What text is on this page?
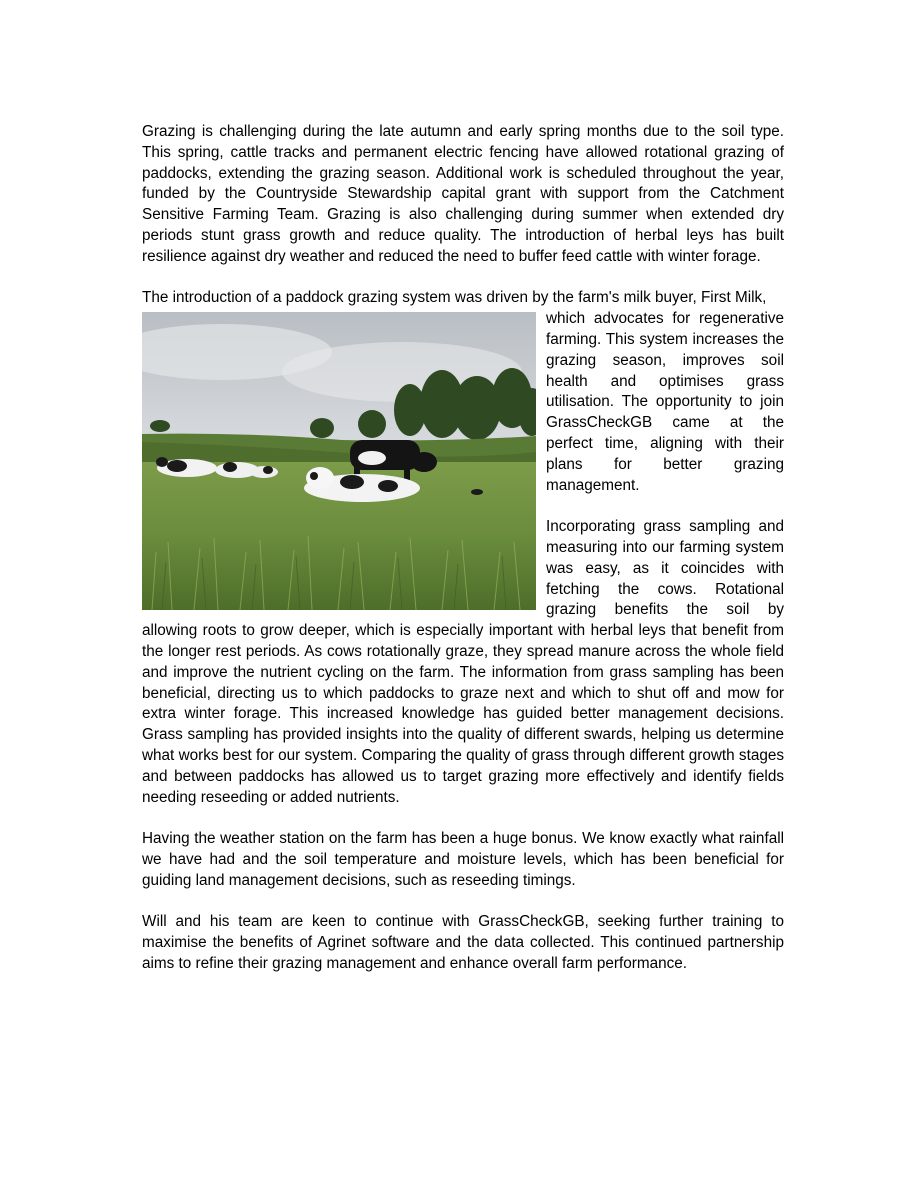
Grazing is challenging during the late autumn and early spring months due to the soil type. This spring, cattle tracks and permanent electric fencing have allowed rotational grazing of paddocks, extending the grazing season. Additional work is scheduled throughout the year, funded by the Countryside Stewardship capital grant with support from the Catchment Sensitive Farming Team. Grazing is also challenging during summer when extended dry periods stunt grass growth and reduce quality. The introduction of herbal leys has built resilience against dry weather and reduced the need to buffer feed cattle with winter forage.

The introduction of a paddock grazing system was driven by the farm's milk buyer, First Milk,

which advocates for regenerative farming. This system increases the grazing season, improves soil health and optimises grass utilisation. The opportunity to join GrassCheckGB came at the perfect time, aligning with their plans for better grazing management.

Incorporating grass sampling and measuring into our farming system was easy, as it coincides with fetching the cows. Rotational grazing benefits the soil by allowing roots to grow deeper, which is especially important with herbal leys that benefit from the longer rest periods. As cows rotationally graze, they spread manure across the whole field and improve the nutrient cycling on the farm. The information from grass sampling has been beneficial, directing us to which paddocks to graze next and which to shut off and mow for extra winter forage. This increased knowledge has guided better management decisions. Grass sampling has provided insights into the quality of different swards, helping us determine what works best for our system. Comparing the quality of grass through different growth stages and between paddocks has allowed us to target grazing more effectively and identify fields needing reseeding or added nutrients.

Having the weather station on the farm has been a huge bonus. We know exactly what rainfall we have had and the soil temperature and moisture levels, which has been beneficial for guiding land management decisions, such as reseeding timings.

Will and his team are keen to continue with GrassCheckGB, seeking further training to maximise the benefits of Agrinet software and the data collected. This continued partnership aims to refine their grazing management and enhance overall farm performance.
